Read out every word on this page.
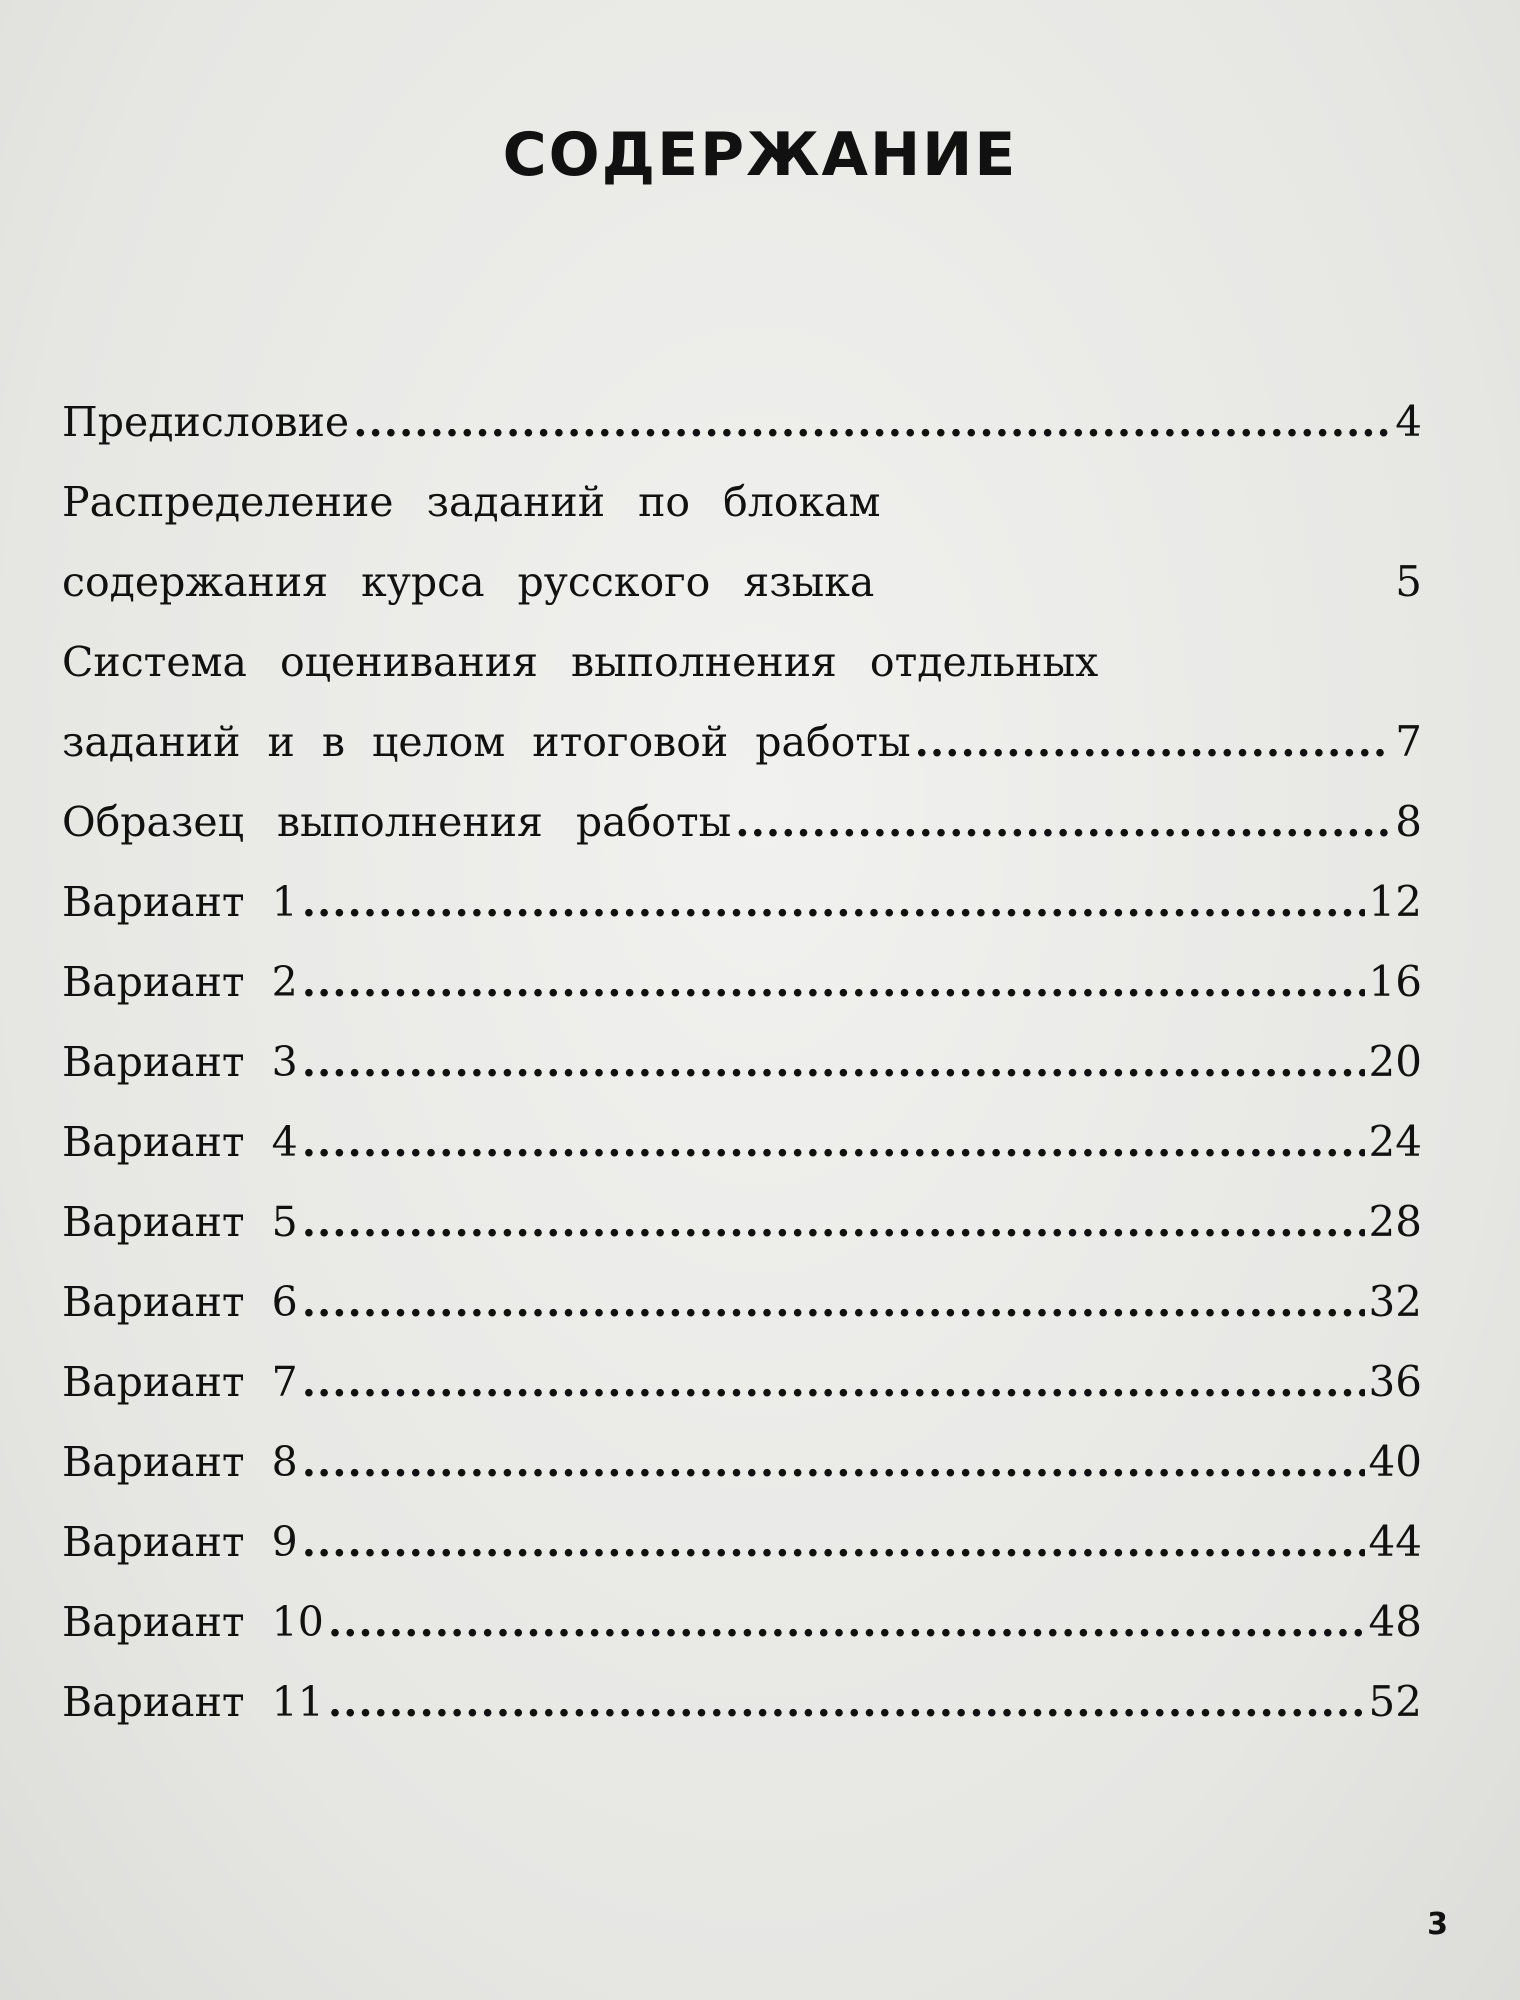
СОДЕРЖАНИЕ
Предисловие .....	4
Распределение заданий по блокам
содержания курса русского языка	5
Система оценивания выполнения отдельных
заданий и в целом итоговой работы .....	7
Образец выполнения работы .....	8
Вариант 1 .....	12
Вариант 2 .....	16
Вариант 3 .....	20
Вариант 4 .....	24
Вариант 5 .....	28
Вариант 6 .....	32
Вариант 7 .....	36
Вариант 8 .....	40
Вариант 9 .....	44
Вариант 10 .....	48
Вариант 11 .....	52
3
